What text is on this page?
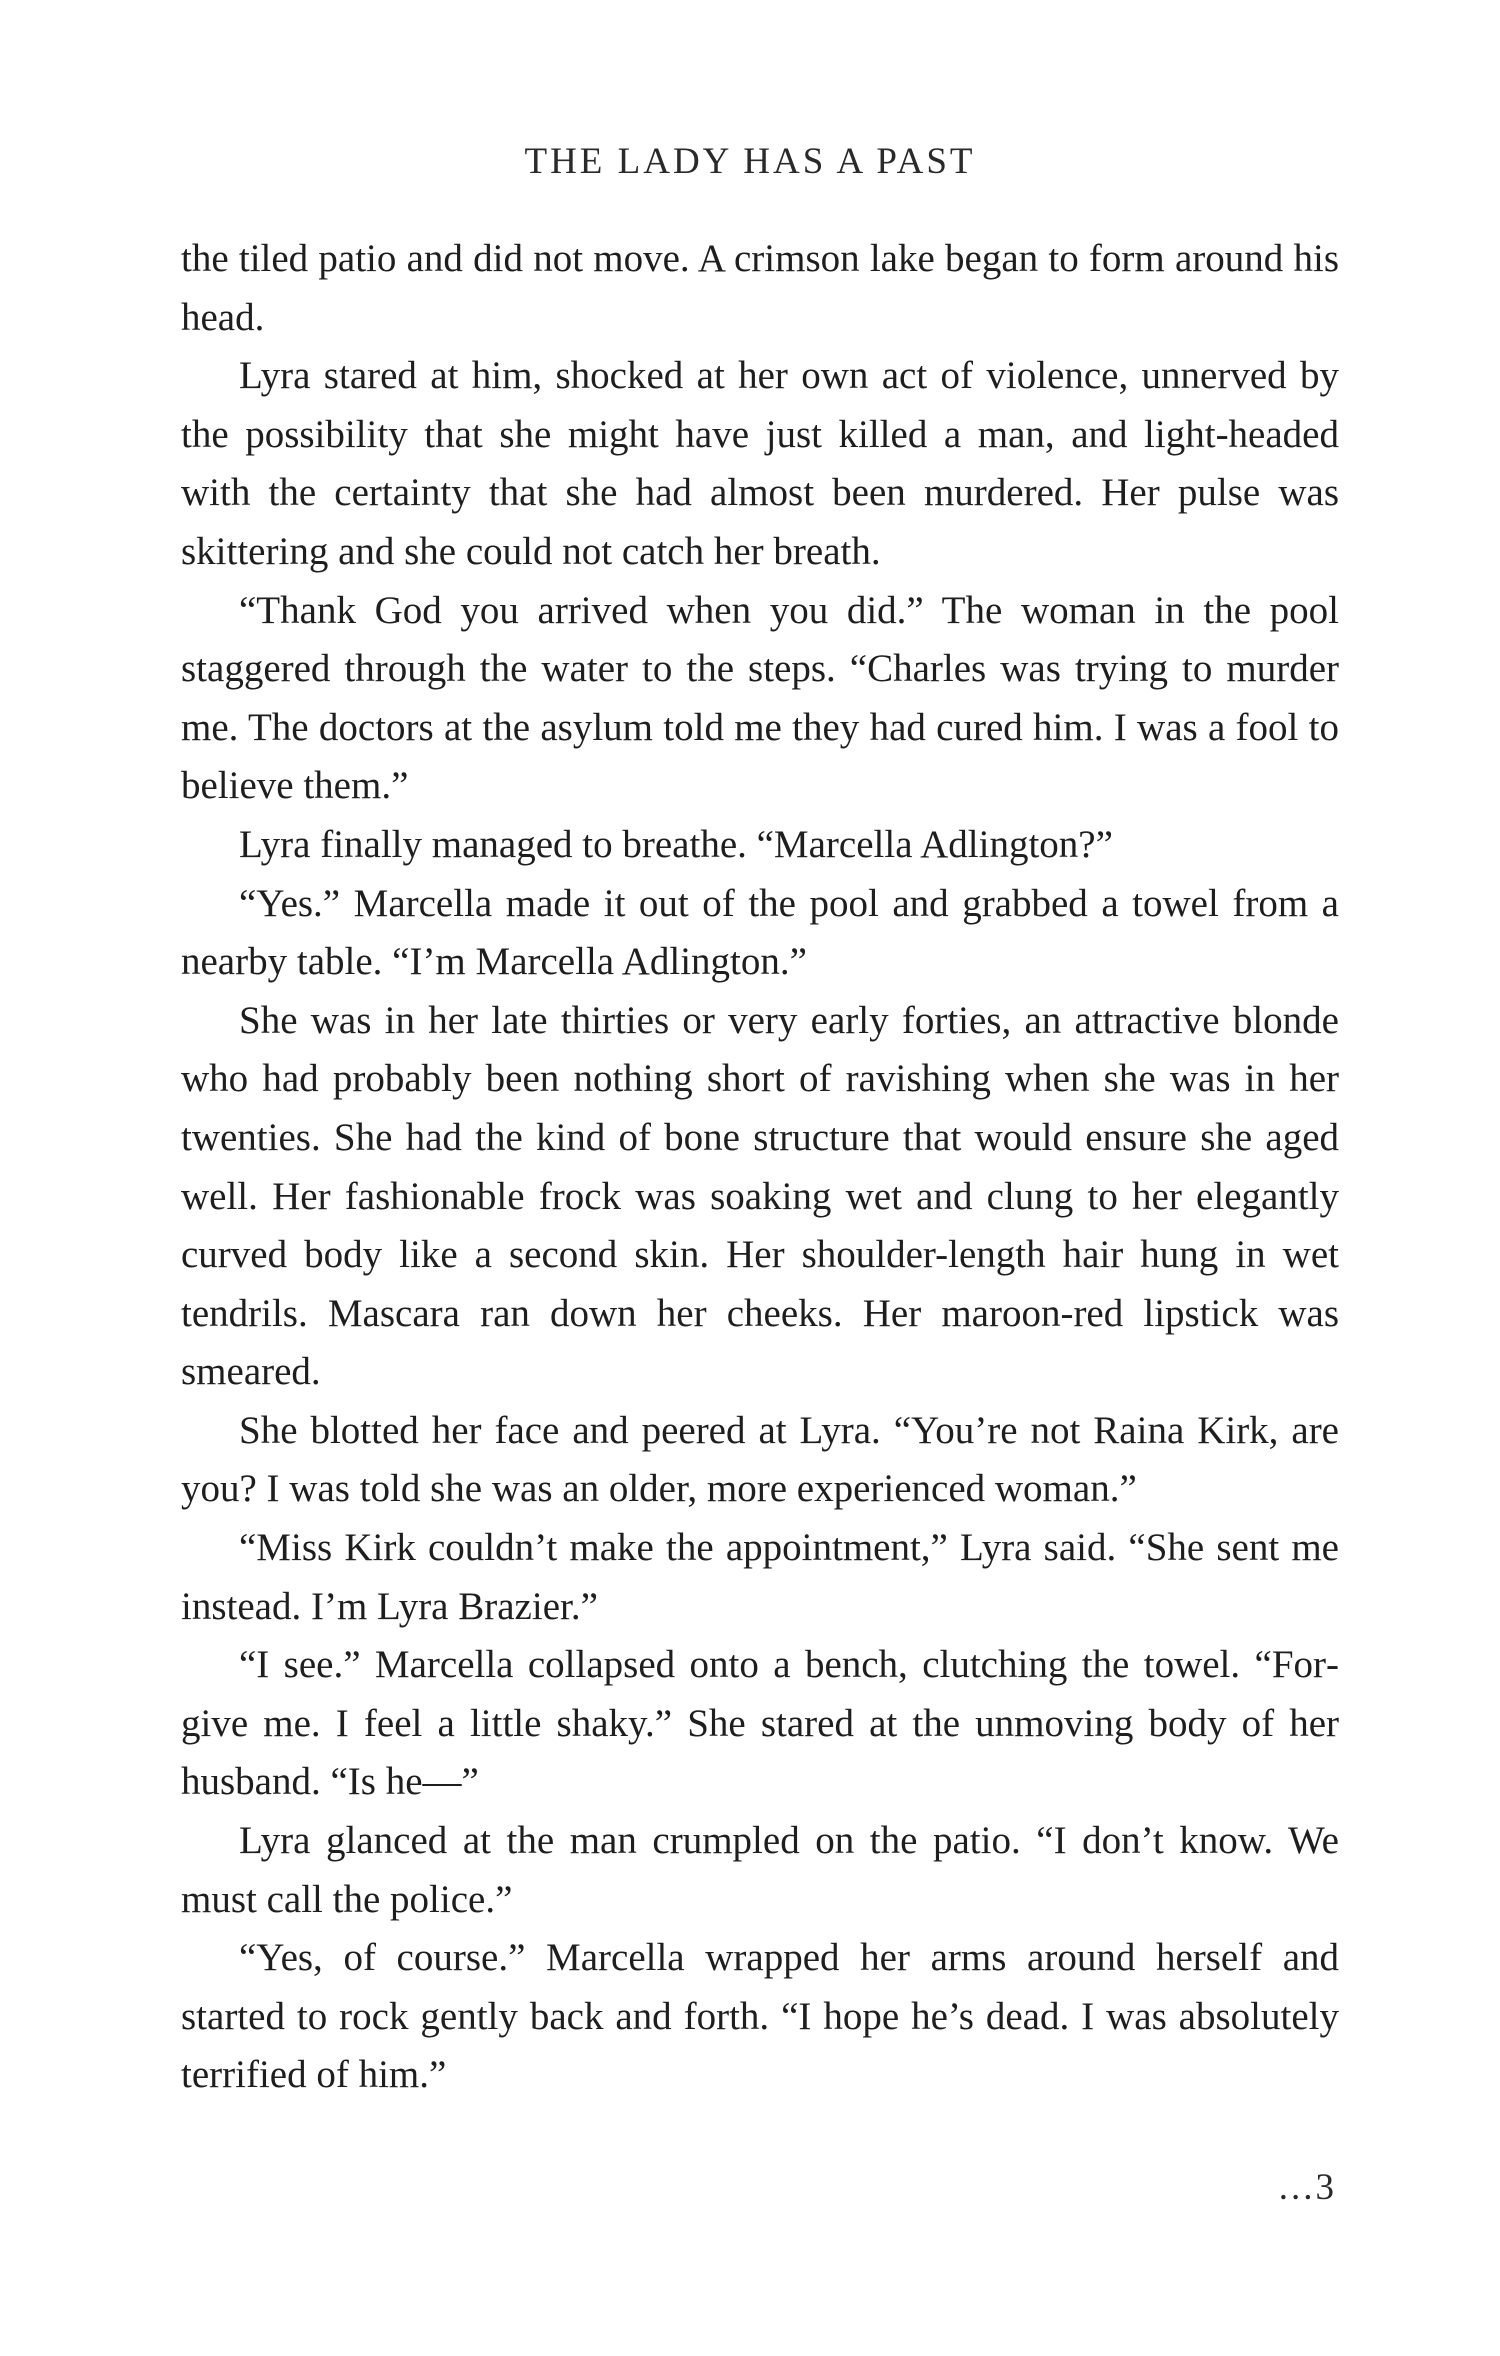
THE LADY HAS A PAST

the tiled patio and did not move. A crimson lake began to form around his head.

Lyra stared at him, shocked at her own act of violence, unnerved by the possibility that she might have just killed a man, and light-headed with the certainty that she had almost been murdered. Her pulse was skittering and she could not catch her breath.

“Thank God you arrived when you did.” The woman in the pool staggered through the water to the steps. “Charles was trying to murder me. The doctors at the asylum told me they had cured him. I was a fool to believe them.”

Lyra finally managed to breathe. “Marcella Adlington?”

“Yes.” Marcella made it out of the pool and grabbed a towel from a nearby table. “I’m Marcella Adlington.”

She was in her late thirties or very early forties, an attractive blonde who had probably been nothing short of ravishing when she was in her twenties. She had the kind of bone structure that would ensure she aged well. Her fashionable frock was soaking wet and clung to her elegantly curved body like a second skin. Her shoulder-length hair hung in wet tendrils. Mascara ran down her cheeks. Her maroon-red lipstick was smeared.

She blotted her face and peered at Lyra. “You’re not Raina Kirk, are you? I was told she was an older, more experienced woman.”

“Miss Kirk couldn’t make the appointment,” Lyra said. “She sent me instead. I’m Lyra Brazier.”

“I see.” Marcella collapsed onto a bench, clutching the towel. “Forgive me. I feel a little shaky.” She stared at the unmoving body of her husband. “Is he—”

Lyra glanced at the man crumpled on the patio. “I don’t know. We must call the police.”

“Yes, of course.” Marcella wrapped her arms around herself and started to rock gently back and forth. “I hope he’s dead. I was absolutely terrified of him.”

...3
